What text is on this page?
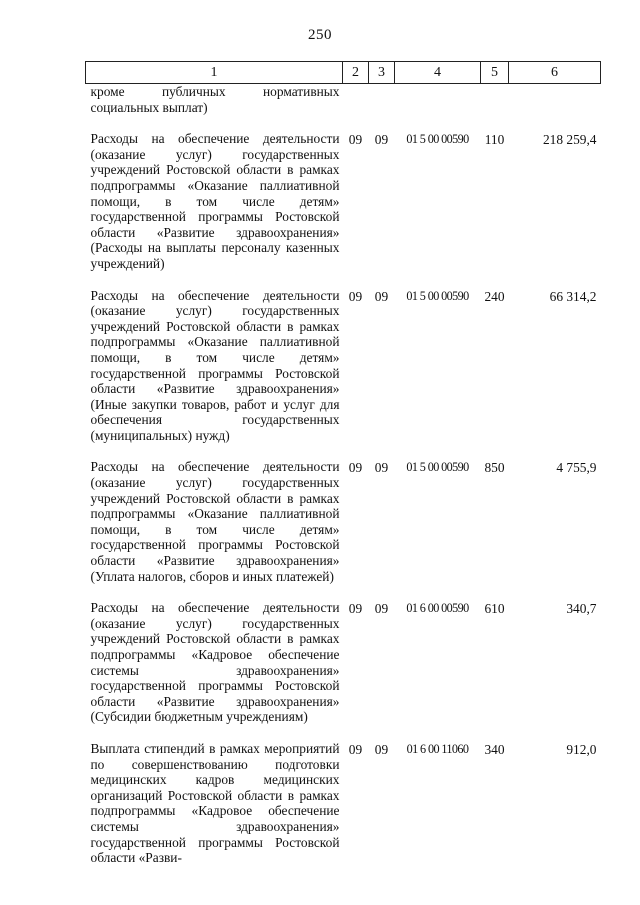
250
1	2	3	4	5	6
кроме публичных нормативных социальных выплат)					

Расходы на обеспечение деятельности (оказание услуг) государственных учреждений Ростовской области в рамках подпрограммы «Оказание паллиативной помощи, в том числе детям» государственной программы Ростовской области «Развитие здравоохранения» (Расходы на выплаты персоналу казенных учреждений)	09	09	01 5 00 00590	110	218 259,4

Расходы на обеспечение деятельности (оказание услуг) государственных учреждений Ростовской области в рамках подпрограммы «Оказание паллиативной помощи, в том числе детям» государственной программы Ростовской области «Развитие здравоохранения» (Иные закупки товаров, работ и услуг для обеспечения государственных (муниципальных) нужд)	09	09	01 5 00 00590	240	66 314,2

Расходы на обеспечение деятельности (оказание услуг) государственных учреждений Ростовской области в рамках подпрограммы «Оказание паллиативной помощи, в том числе детям» государственной программы Ростовской области «Развитие здравоохранения» (Уплата налогов, сборов и иных платежей)	09	09	01 5 00 00590	850	4 755,9

Расходы на обеспечение деятельности (оказание услуг) государственных учреждений Ростовской области в рамках подпрограммы «Кадровое обеспечение системы здравоохранения» государственной программы Ростовской области «Развитие здравоохранения» (Субсидии бюджетным учреждениям)	09	09	01 6 00 00590	610	340,7

Выплата стипендий в рамках мероприятий по совершенствованию подготовки медицинских кадров медицинских организаций Ростовской области в рамках подпрограммы «Кадровое обеспечение системы здравоохранения» государственной программы Ростовской области «Разви-	09	09	01 6 00 11060	340	912,0
